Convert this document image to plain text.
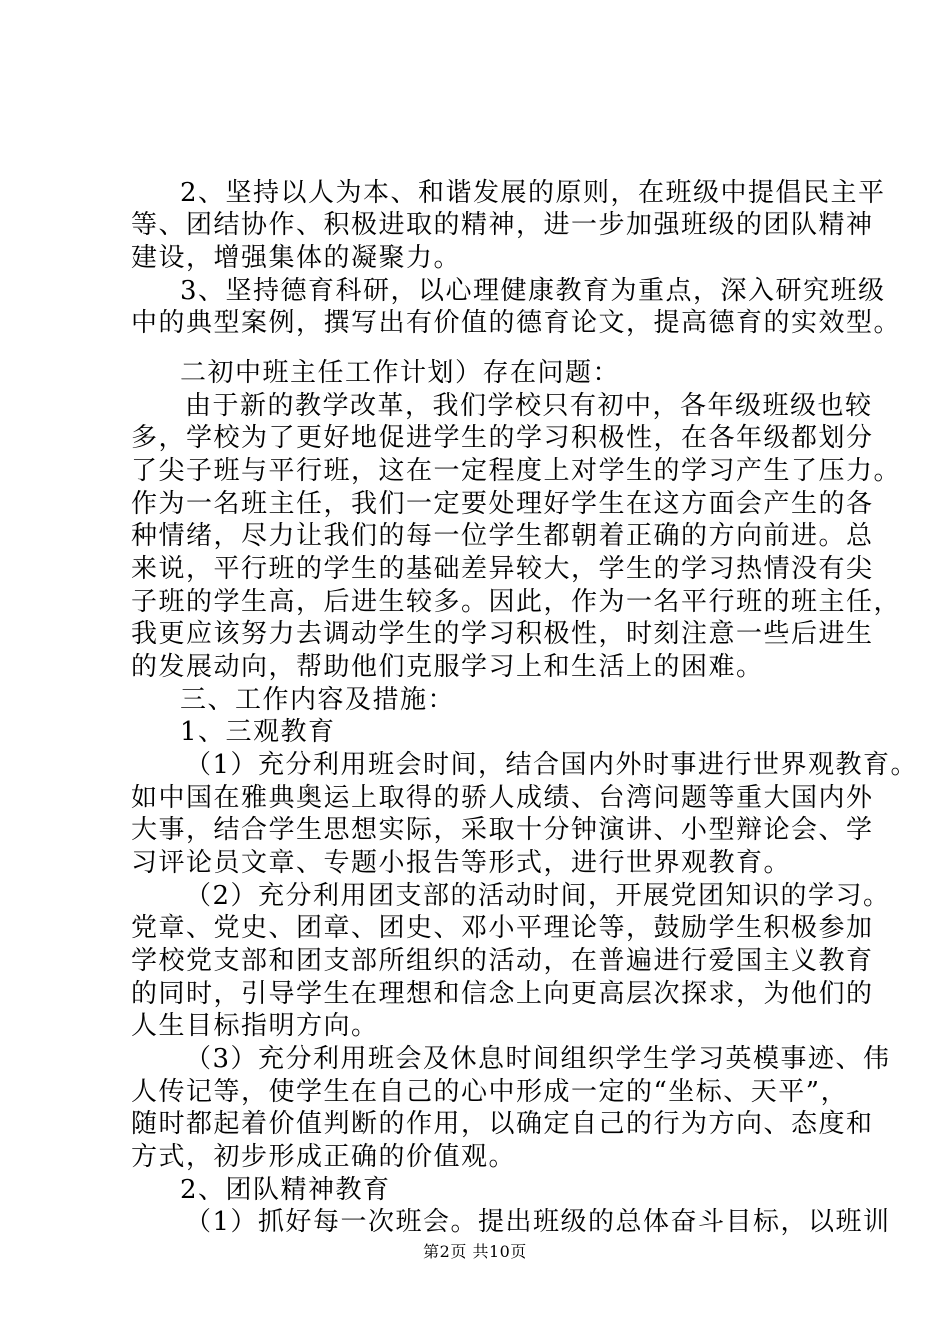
2、坚持以人为本、和谐发展的原则，在班级中提倡民主平
等、团结协作、积极进取的精神，进一步加强班级的团队精神
建设，增强集体的凝聚力。
3、坚持德育科研，以心理健康教育为重点，深入研究班级
中的典型案例，撰写出有价值的德育论文，提高德育的实效型。
二初中班主任工作计划）存在问题：
由于新的教学改革，我们学校只有初中，各年级班级也较
多，学校为了更好地促进学生的学习积极性，在各年级都划分
了尖子班与平行班，这在一定程度上对学生的学习产生了压力。
作为一名班主任，我们一定要处理好学生在这方面会产生的各
种情绪，尽力让我们的每一位学生都朝着正确的方向前进。总
来说，平行班的学生的基础差异较大，学生的学习热情没有尖
子班的学生高，后进生较多。因此，作为一名平行班的班主任，
我更应该努力去调动学生的学习积极性，时刻注意一些后进生
的发展动向，帮助他们克服学习上和生活上的困难。
三、工作内容及措施：
1、三观教育
（1）充分利用班会时间，结合国内外时事进行世界观教育。
如中国在雅典奥运上取得的骄人成绩、台湾问题等重大国内外
大事，结合学生思想实际，采取十分钟演讲、小型辩论会、学
习评论员文章、专题小报告等形式，进行世界观教育。
（2）充分利用团支部的活动时间，开展党团知识的学习。
党章、党史、团章、团史、邓小平理论等，鼓励学生积极参加
学校党支部和团支部所组织的活动，在普遍进行爱国主义教育
的同时，引导学生在理想和信念上向更高层次探求，为他们的
人生目标指明方向。
（3）充分利用班会及休息时间组织学生学习英模事迹、伟
人传记等，使学生在自己的心中形成一定的“坐标、天平”，
随时都起着价值判断的作用，以确定自己的行为方向、态度和
方式，初步形成正确的价值观。
2、团队精神教育
（1）抓好每一次班会。提出班级的总体奋斗目标，以班训
第2页 共10页
